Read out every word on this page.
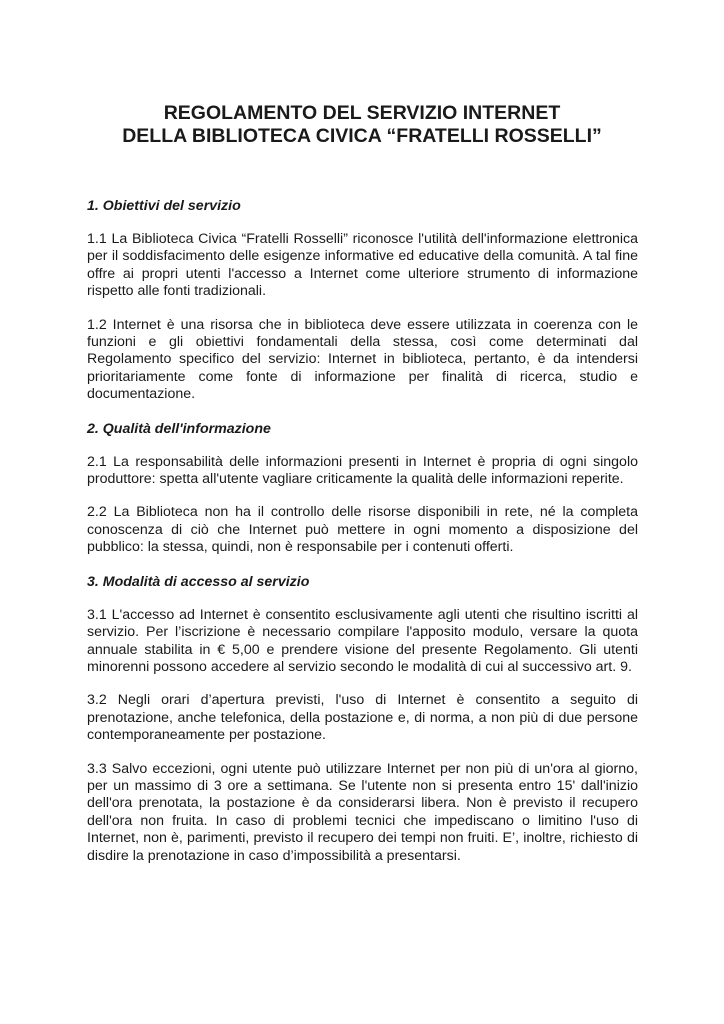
REGOLAMENTO DEL SERVIZIO INTERNET

DELLA BIBLIOTECA CIVICA “FRATELLI ROSSELLI”

1. Obiettivi del servizio

1.1 La Biblioteca Civica “Fratelli Rosselli” riconosce l'utilità dell'informazione elettronica per il soddisfacimento delle esigenze informative ed educative della comunità. A tal fine offre ai propri utenti l'accesso a Internet come ulteriore strumento di informazione rispetto alle fonti tradizionali.

1.2 Internet è una risorsa che in biblioteca deve essere utilizzata in coerenza con le funzioni e gli obiettivi fondamentali della stessa, così come determinati dal Regolamento specifico del servizio: Internet in biblioteca, pertanto, è da intendersi prioritariamente come fonte di informazione per finalità di ricerca, studio e documentazione.

2. Qualità dell'informazione

2.1 La responsabilità delle informazioni presenti in Internet è propria di ogni singolo produttore: spetta all'utente vagliare criticamente la qualità delle informazioni reperite.

2.2 La Biblioteca non ha il controllo delle risorse disponibili in rete, né la completa conoscenza di ciò che Internet può mettere in ogni momento a disposizione del pubblico: la stessa, quindi, non è responsabile per i contenuti offerti.

3. Modalità di accesso al servizio

3.1 L'accesso ad Internet è consentito esclusivamente agli utenti che risultino iscritti al servizio. Per l’iscrizione è necessario compilare l'apposito modulo, versare la quota annuale stabilita in € 5,00 e prendere visione del presente Regolamento. Gli utenti minorenni possono accedere al servizio secondo le modalità di cui al successivo art. 9.

3.2 Negli orari d’apertura previsti, l'uso di Internet è consentito a seguito di prenotazione, anche telefonica, della postazione e, di norma, a non più di due persone contemporaneamente per postazione.

3.3 Salvo eccezioni, ogni utente può utilizzare Internet per non più di un'ora al giorno, per un massimo di 3 ore a settimana. Se l'utente non si presenta entro 15' dall'inizio dell'ora prenotata, la postazione è da considerarsi libera. Non è previsto il recupero dell'ora non fruita. In caso di problemi tecnici che impediscano o limitino l'uso di Internet, non è, parimenti, previsto il recupero dei tempi non fruiti. E’, inoltre, richiesto di disdire la prenotazione in caso d’impossibilità a presentarsi.
